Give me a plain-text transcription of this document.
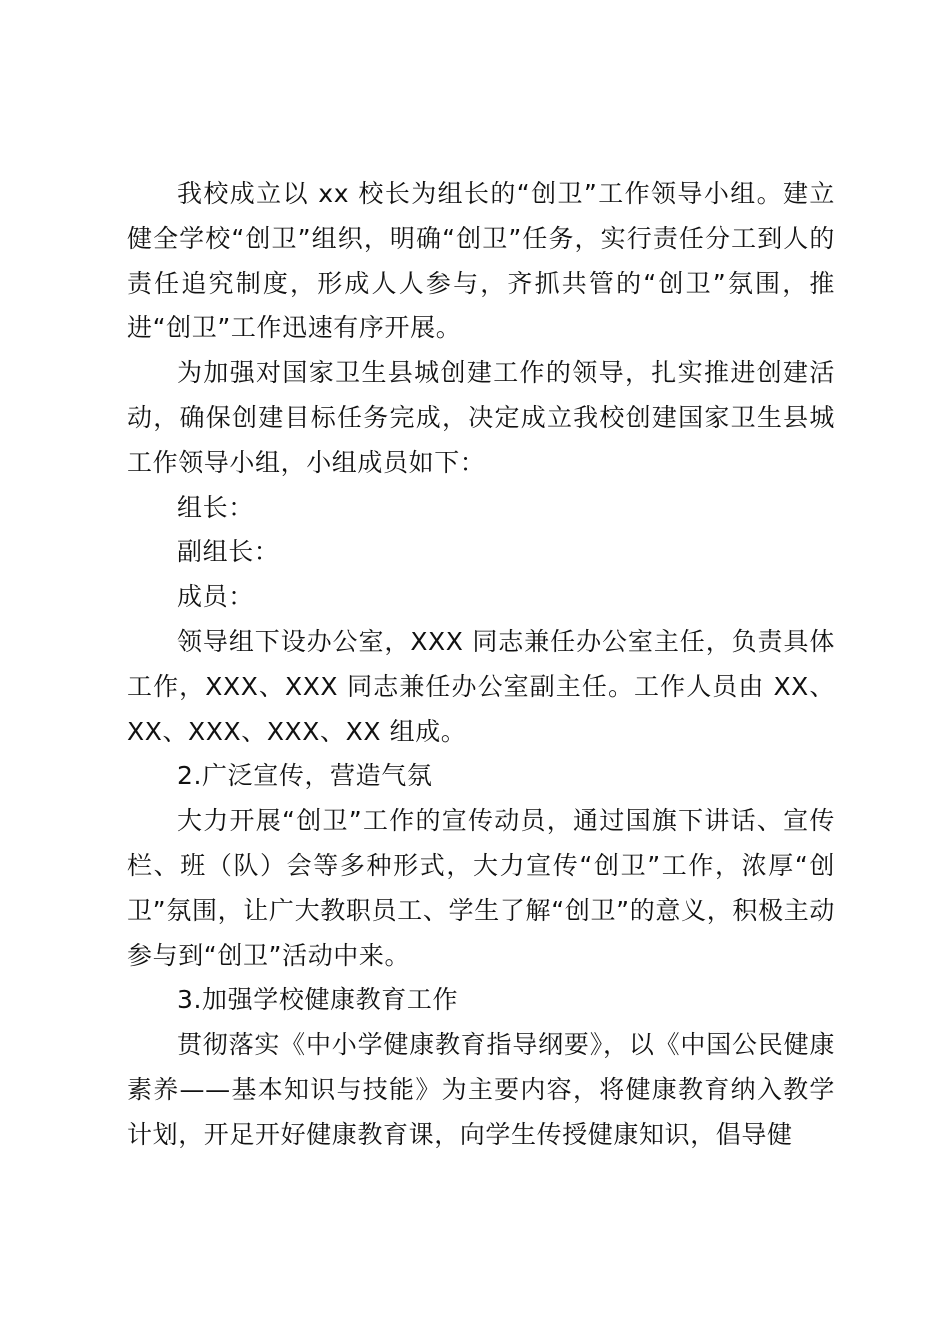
我校成立以 xx 校长为组长的“创卫”工作领导小组。建立健全学校“创卫”组织，明确“创卫”任务，实行责任分工到人的责任追究制度，形成人人参与，齐抓共管的“创卫”氛围，推进“创卫”工作迅速有序开展。

为加强对国家卫生县城创建工作的领导，扎实推进创建活动，确保创建目标任务完成，决定成立我校创建国家卫生县城工作领导小组，小组成员如下：

组长：

副组长：

成员：

领导组下设办公室，XXX 同志兼任办公室主任，负责具体工作，XXX、XXX 同志兼任办公室副主任。工作人员由 XX、XX、XXX、XXX、XX 组成。

2.广泛宣传，营造气氛

大力开展“创卫”工作的宣传动员，通过国旗下讲话、宣传栏、班（队）会等多种形式，大力宣传“创卫”工作，浓厚“创卫”氛围，让广大教职员工、学生了解“创卫”的意义，积极主动参与到“创卫”活动中来。

3.加强学校健康教育工作

贯彻落实《中小学健康教育指导纲要》，以《中国公民健康素养——基本知识与技能》为主要内容，将健康教育纳入教学计划，开足开好健康教育课，向学生传授健康知识，倡导健
